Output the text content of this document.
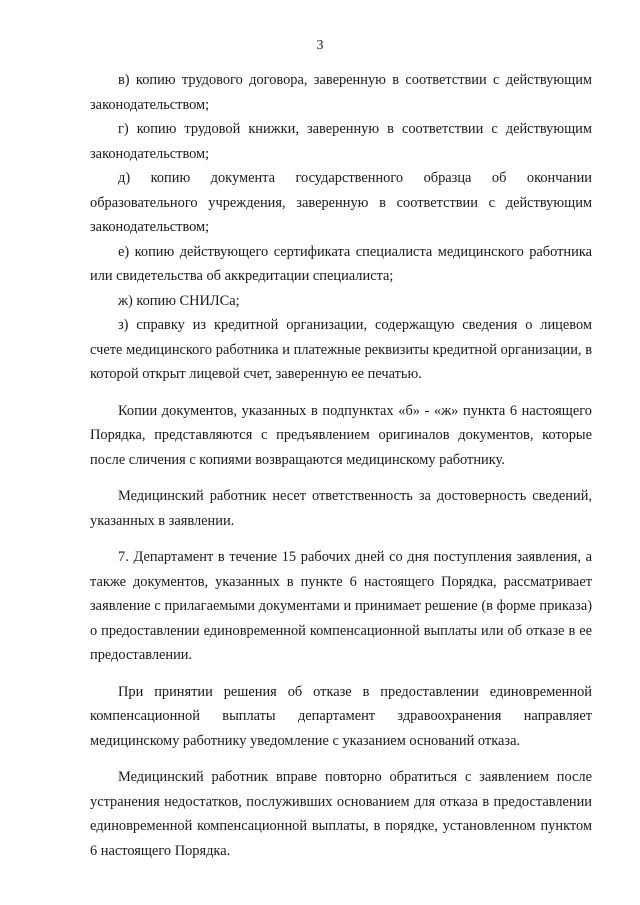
3

в) копию трудового договора, заверенную в соответствии с действующим законодательством;

г) копию трудовой книжки, заверенную в соответствии с действующим законодательством;

д) копию документа государственного образца об окончании образовательного учреждения, заверенную в соответствии с действующим законодательством;

е) копию действующего сертификата специалиста медицинского работника или свидетельства об аккредитации специалиста;

ж) копию СНИЛСа;

з) справку из кредитной организации, содержащую сведения о лицевом счете медицинского работника и платежные реквизиты кредитной организации, в которой открыт лицевой счет, заверенную ее печатью.

Копии документов, указанных в подпунктах «б» - «ж» пункта 6 настоящего Порядка, представляются с предъявлением оригиналов документов, которые после сличения с копиями возвращаются медицинскому работнику.

Медицинский работник несет ответственность за достоверность сведений, указанных в заявлении.

7. Департамент в течение 15 рабочих дней со дня поступления заявления, а также документов, указанных в пункте 6 настоящего Порядка, рассматривает заявление с прилагаемыми документами и принимает решение (в форме приказа) о предоставлении единовременной компенсационной выплаты или об отказе в ее предоставлении.

При принятии решения об отказе в предоставлении единовременной компенсационной выплаты департамент здравоохранения направляет медицинскому работнику уведомление с указанием оснований отказа.

Медицинский работник вправе повторно обратиться с заявлением после устранения недостатков, послуживших основанием для отказа в предоставлении единовременной компенсационной выплаты, в порядке, установленном пунктом 6 настоящего Порядка.
